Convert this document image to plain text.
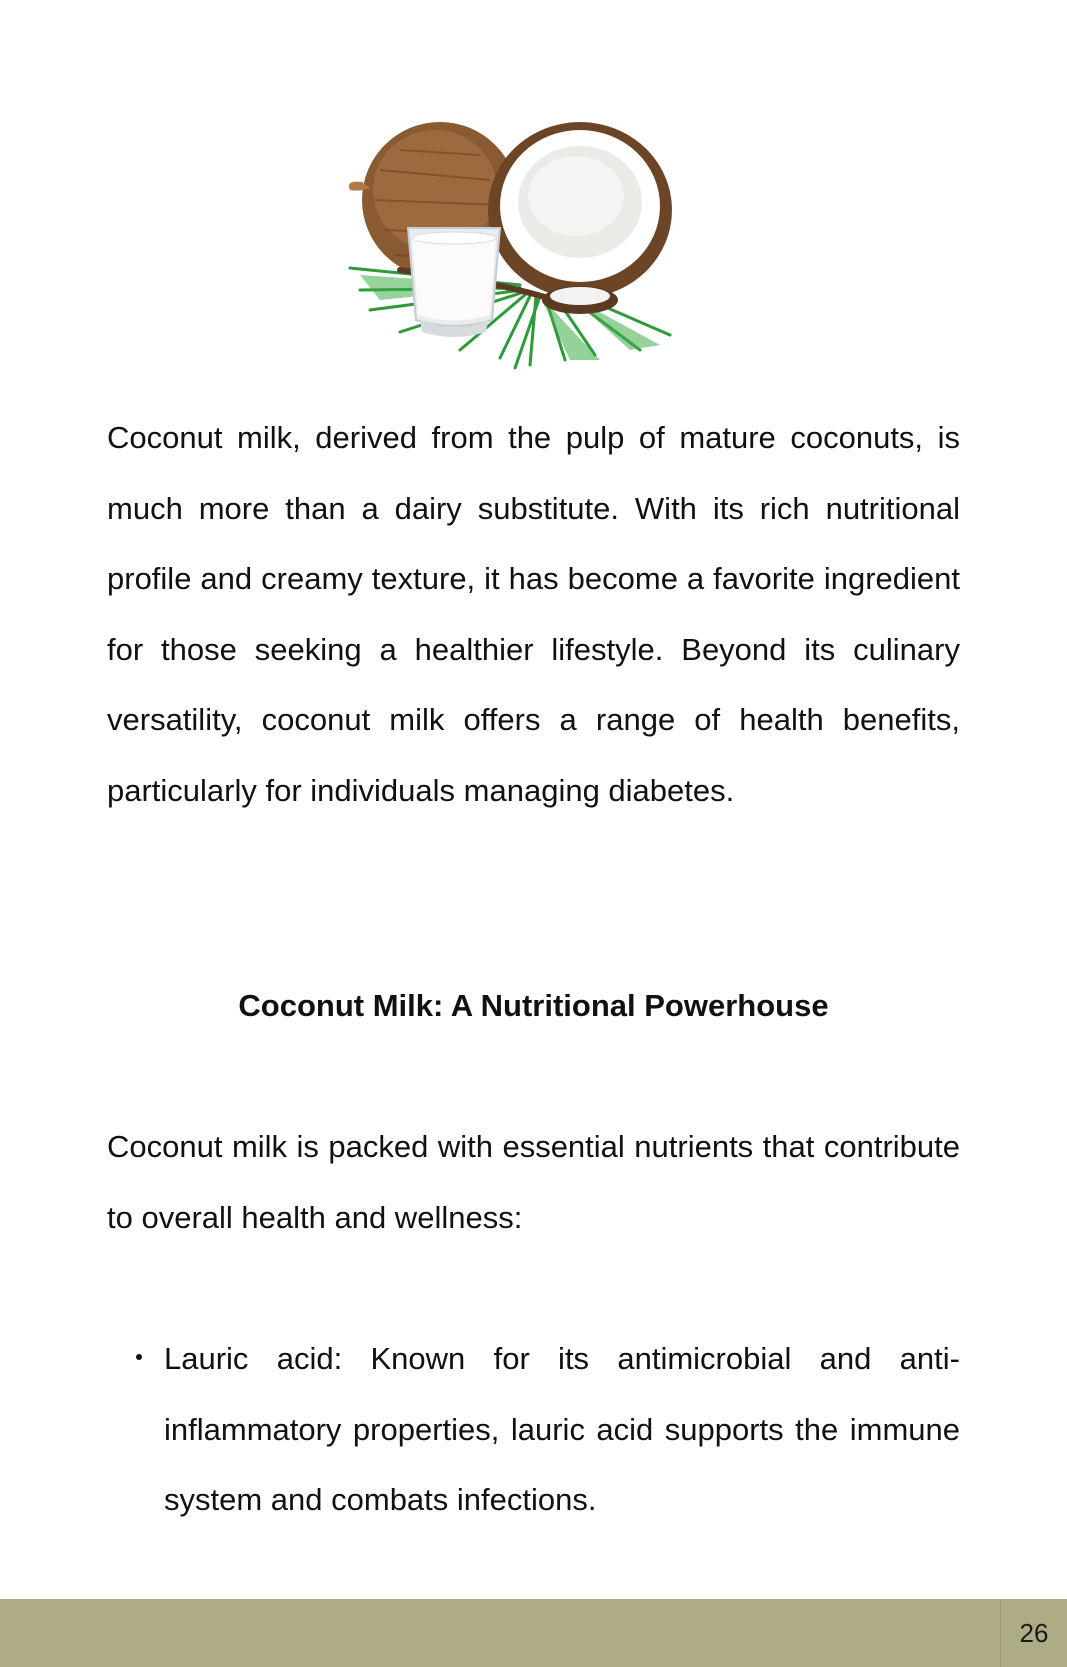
Coconut milk, derived from the pulp of mature coconuts, is much more than a dairy substitute. With its rich nutritional profile and creamy texture, it has become a favorite ingredient for those seeking a healthier lifestyle. Beyond its culinary versatility, coconut milk offers a range of health benefits, particularly for individuals managing diabetes.

Coconut Milk: A Nutritional Powerhouse

Coconut milk is packed with essential nutrients that contribute to overall health and wellness:

Lauric acid: Known for its antimicrobial and anti-inflammatory properties, lauric acid supports the immune system and combats infections.

26
